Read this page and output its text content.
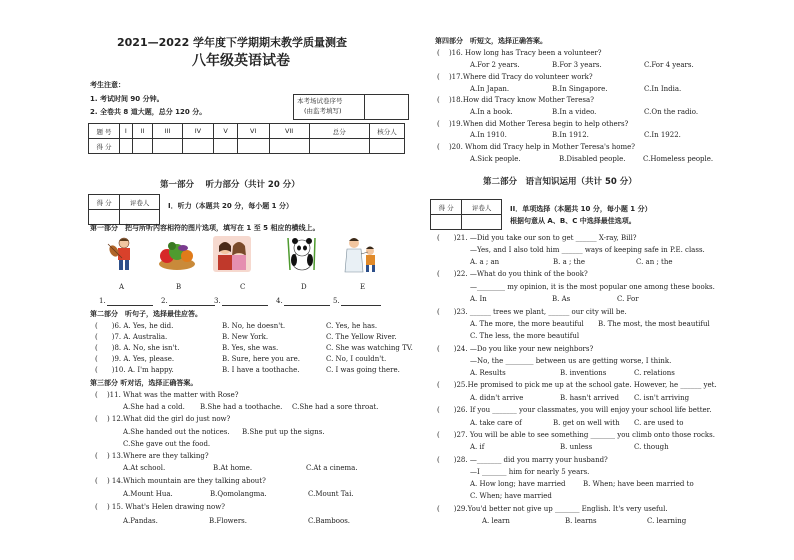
2021—2022 学年度下学期期末教学质量测查
八年级英语试卷
考生注意：
1. 考试时间 90 分钟。
2. 全卷共 8 道大题，总分 120 分。
本考场试卷序号
(由监考填写)
题 号	I	II	III	IV	V	VI	VII	总分	核分人
得 分									
第一部分　 听力部分（共计 20 分）
得 分	评卷人
		I．听力（本题共 20 分，每小题 1 分）
第一部分　把与所听内容相符的图片选项，填写在 1 至 5 相应的横线上。
A	B	C	D	E
1.	2.	3.	4.	5.
第二部分　听句子，选择最佳应答。
(　　)6. A. Yes, he did.	B. No, he doesn't.	C. Yes, he has.
(　　)7. A. Australia.	B. New York.	C. The Yellow River.
(　　)8. A. No, she isn't.	B. Yes, she was.	C. She was watching TV.
(　　)9. A. Yes, please.	B. Sure, here you are.	C. No, I couldn't.
(　　)10. A. I'm happy.	B. I have a toothache.	C. I was going there.
第三部分 听对话，选择正确答案。
(　 )11. What was the matter with Rose?
A.She had a cold. B.She had a toothache. C.She had a sore throat.
(　 ) 12.What did the girl do just now?
A.She handed out the notices. B.She put up the signs.
C.She gave out the food.
(　 ) 13.Where are they talking?
A.At school.	B.At home.	C.At a cinema.
(　 ) 14.Which mountain are they talking about?
A.Mount Hua.	B.Qomolangma.	C.Mount Tai.
(　 ) 15. What's Helen drawing now?
A.Pandas.	B.Flowers.	C.Bamboos.
第四部分　听短文，选择正确答案。
(　 )16. How long has Tracy been a volunteer?
A.For 2 years.	B.For 3 years.	C.For 4 years.
(　 )17.Where did Tracy do volunteer work?
A.In Japan.	B.In Singapore.	C.In India.
(　 )18.How did Tracy know Mother Teresa?
A.In a book.	B.In a video.	C.On the radio.
(　 )19.When did Mother Teresa begin to help others?
A.In 1910.	B.In 1912.	C.In 1922.
(　 )20. Whom did Tracy help in Mother Teresa's home?
A.Sick people.	B.Disabled people.	C.Homeless people.
第二部分　语言知识运用（共计 50 分）
得 分	评卷人
		II．单项选择（本题共 10 分，每小题 1 分）
根据句意从 A、B、C 中选择最佳选项。
(　　)21. —Did you take our son to get ______ X-ray, Bill?
—Yes, and I also told him ______ ways of keeping safe in P.E. class.
A. a ; an	B. a ; the	C. an ; the
(　　)22. —What do you think of the book?
—________ my opinion, it is the most popular one among these books.
A. In	B. As	C. For
(　　)23. ______ trees we plant, ______ our city will be.
A. The more, the more beautiful B. The most, the most beautiful
C. The less, the more beautiful
(　　)24. —Do you like your new neighbors?
—No, the ________ between us are getting worse, I think.
A. Results	B. inventions	C. relations
(　　)25.He promised to pick me up at the school gate. However, he ______ yet.
A. didn't arrive	B. hasn't arrived C. isn't arriving
(　　)26. If you _______ your classmates, you will enjoy your school life better.
A. take care of	B. get on well with C. are used to
(　　)27. You will be able to see something _______ you climb onto those rocks.
A. if	B. unless	C. though
(　　)28. —_______ did you marry your husband?
—I _______ him for nearly 5 years.
A. How long; have married	B. When; have been married to
C. When; have married
(　　)29.You'd better not give up _______ English. It's very useful.
A. learn	B. learns	C. learning
